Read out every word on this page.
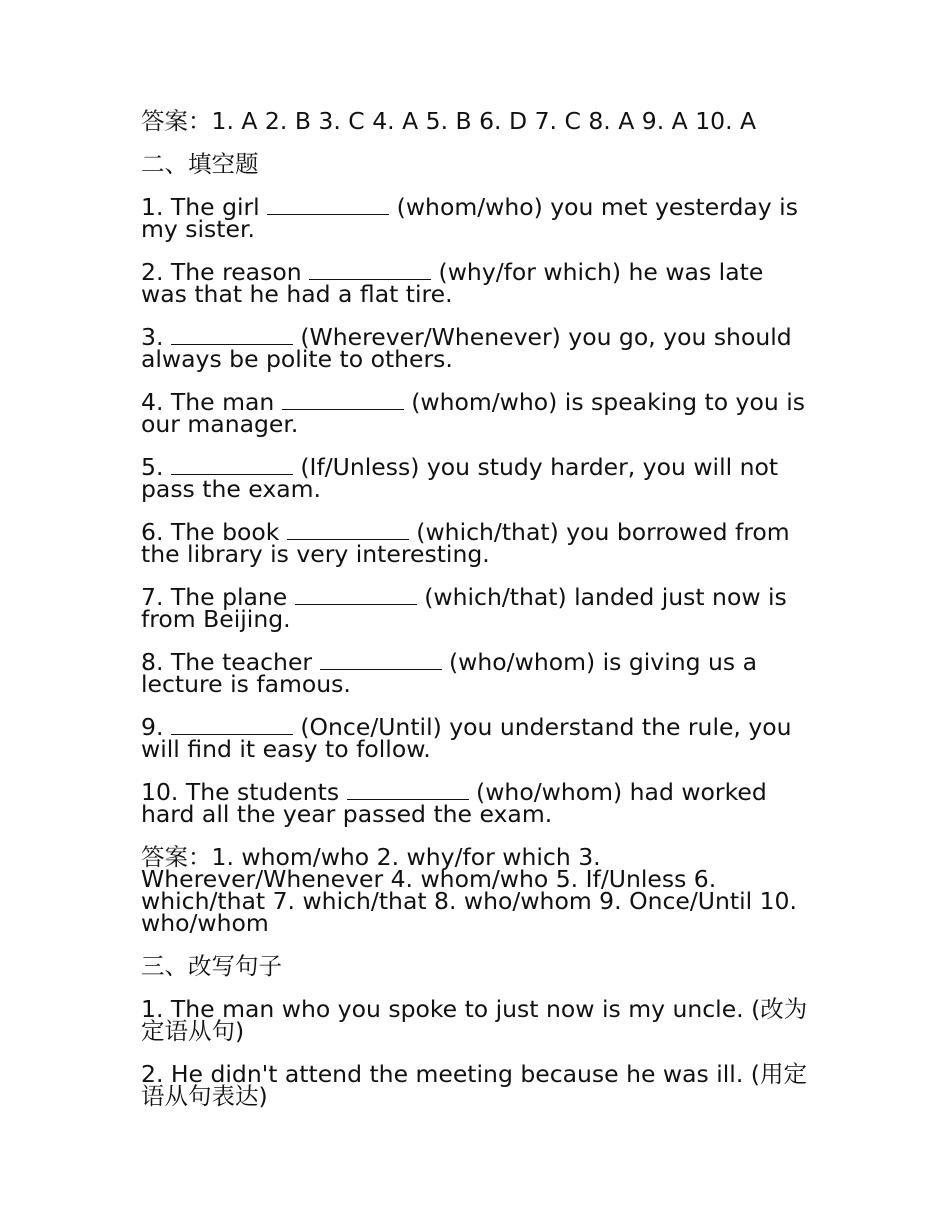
答案：1. A 2. B 3. C 4. A 5. B 6. D 7. C 8. A 9. A 10. A

二、填空题

1. The girl	(whom/who) you met yesterday is my sister.

2. The reason	(why/for which) he was late was that he had a flat tire.

3.	(Wherever/Whenever) you go, you should always be polite to others.

4. The man	(whom/who) is speaking to you is our manager.

5.	(If/Unless) you study harder, you will not pass the exam.

6. The book	(which/that) you borrowed from the library is very interesting.

7. The plane	(which/that) landed just now is from Beijing.

8. The teacher	(who/whom) is giving us a lecture is famous.

9.	(Once/Until) you understand the rule, you will find it easy to follow.

10. The students	(who/whom) had worked hard all the year passed the exam.

答案：1. whom/who 2. why/for which 3. Wherever/Whenever 4. whom/who 5. If/Unless 6. which/that 7. which/that 8. who/whom 9. Once/Until 10. who/whom

三、改写句子

1. The man who you spoke to just now is my uncle. (改为定语从句)

2. He didn't attend the meeting because he was ill. (用定语从句表达)
